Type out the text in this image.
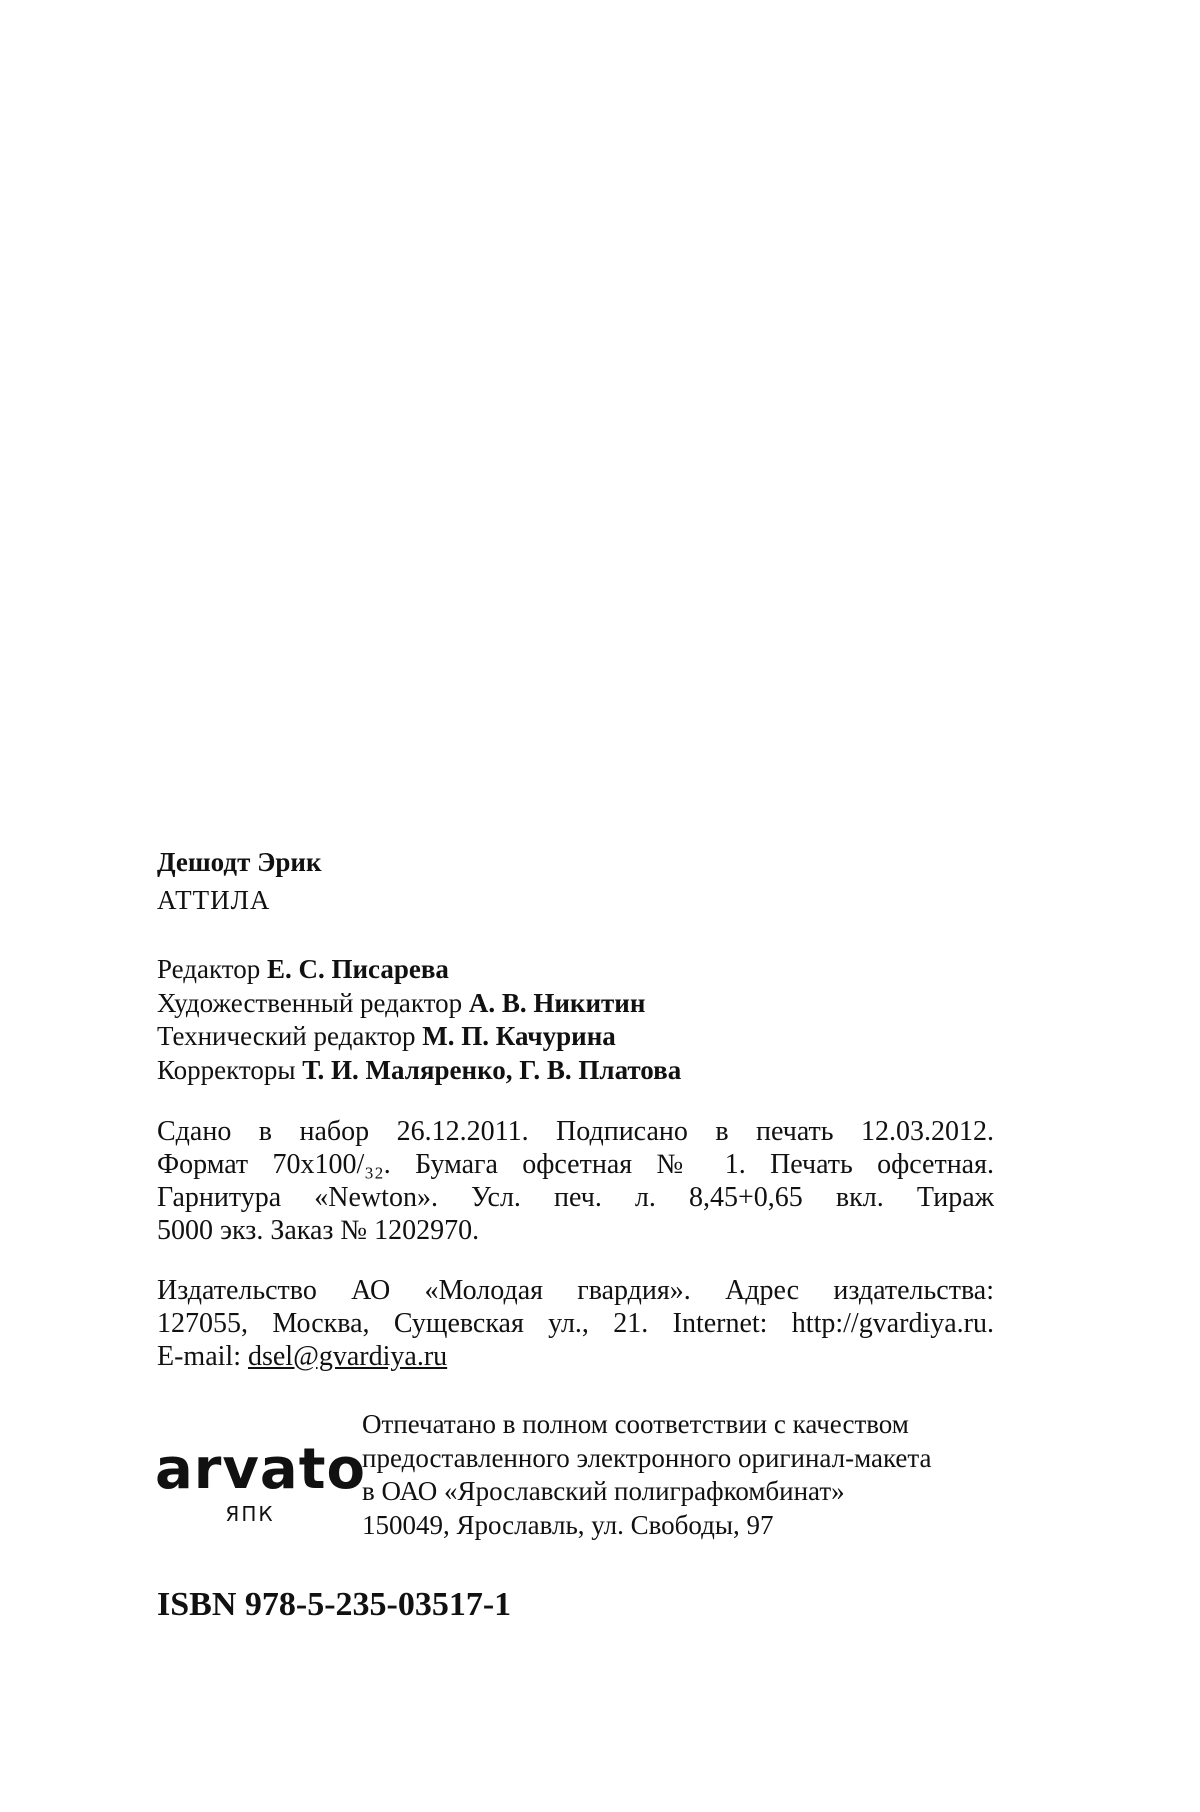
Дешодт Эрик
АТТИЛА
Редактор Е. С. Писарева
Художественный редактор А. В. Никитин
Технический редактор М. П. Качурина
Корректоры Т. И. Маляренко, Г. В. Платова
Сдано в набор 26.12.2011. Подписано в печать 12.03.2012.
Формат 70х100/₃₂. Бумага офсетная № 1. Печать офсетная.
Гарнитура «Newton». Усл. печ. л. 8,45+0,65 вкл. Тираж
5000 экз. Заказ № 1202970.
Издательство АО «Молодая гвардия». Адрес издательства:
127055, Москва, Сущевская ул., 21. Internet: http://gvardiya.ru.
E-mail: dsel@gvardiya.ru
arvato
ЯПК
Отпечатано в полном соответствии с качеством
предоставленного электронного оригинал-макета
в ОАО «Ярославский полиграфкомбинат»
150049, Ярославль, ул. Свободы, 97
ISBN 978-5-235-03517-1
